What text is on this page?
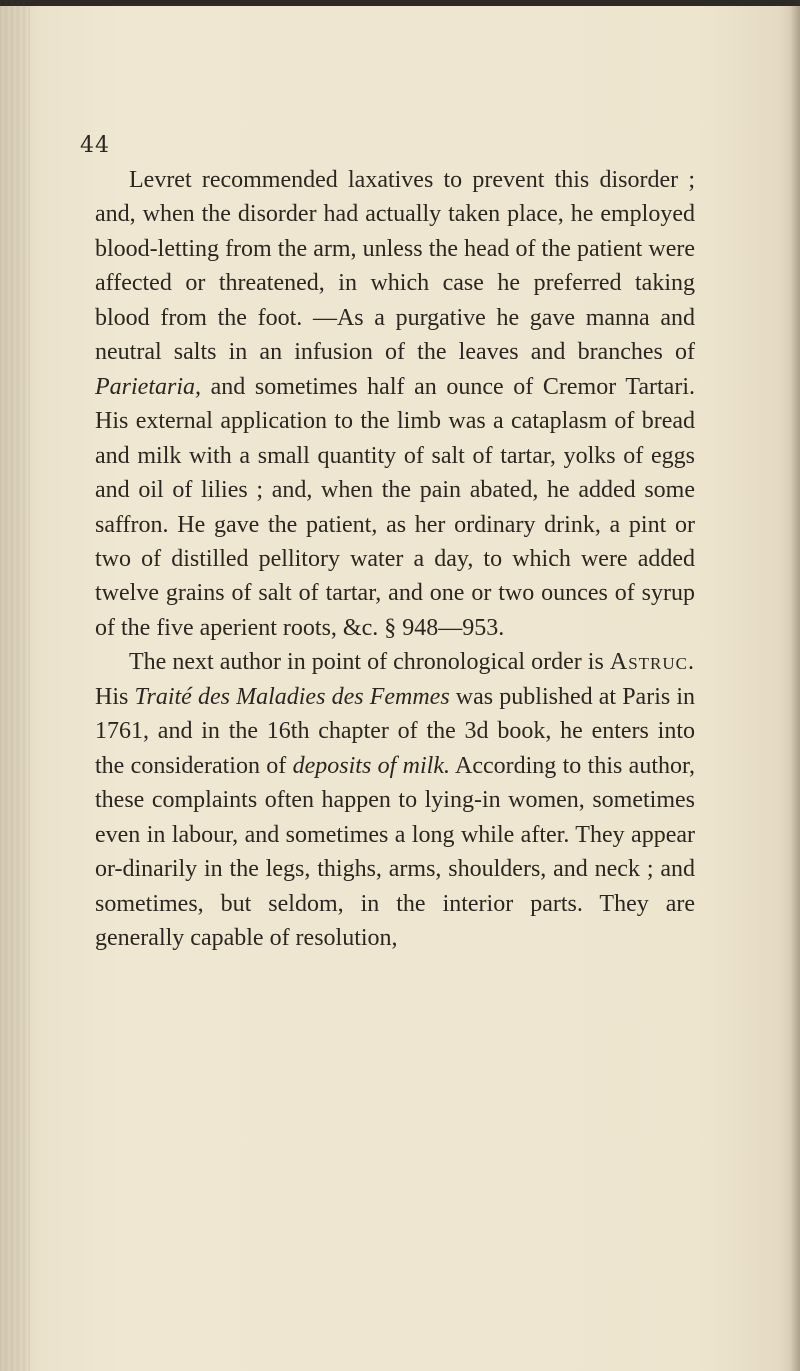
44

Levret recommended laxatives to prevent this disorder ; and, when the disorder had actually taken place, he employed blood-letting from the arm, unless the head of the patient were affected or threatened, in which case he preferred taking blood from the foot. —As a purgative he gave manna and neutral salts in an infusion of the leaves and branches of Parietaria, and sometimes half an ounce of Cremor Tartari. His external application to the limb was a cataplasm of bread and milk with a small quantity of salt of tartar, yolks of eggs and oil of lilies ; and, when the pain abated, he added some saffron. He gave the patient, as her ordinary drink, a pint or two of distilled pellitory water a day, to which were added twelve grains of salt of tartar, and one or two ounces of syrup of the five aperient roots, &c. § 948—953.

The next author in point of chronological order is Astruc. His Traité des Maladies des Femmes was published at Paris in 1761, and in the 16th chapter of the 3d book, he enters into the consideration of deposits of milk. According to this author, these complaints often happen to lying-in women, sometimes even in labour, and sometimes a long while after. They appear or-dinarily in the legs, thighs, arms, shoulders, and neck ; and sometimes, but seldom, in the interior parts. They are generally capable of resolution,
